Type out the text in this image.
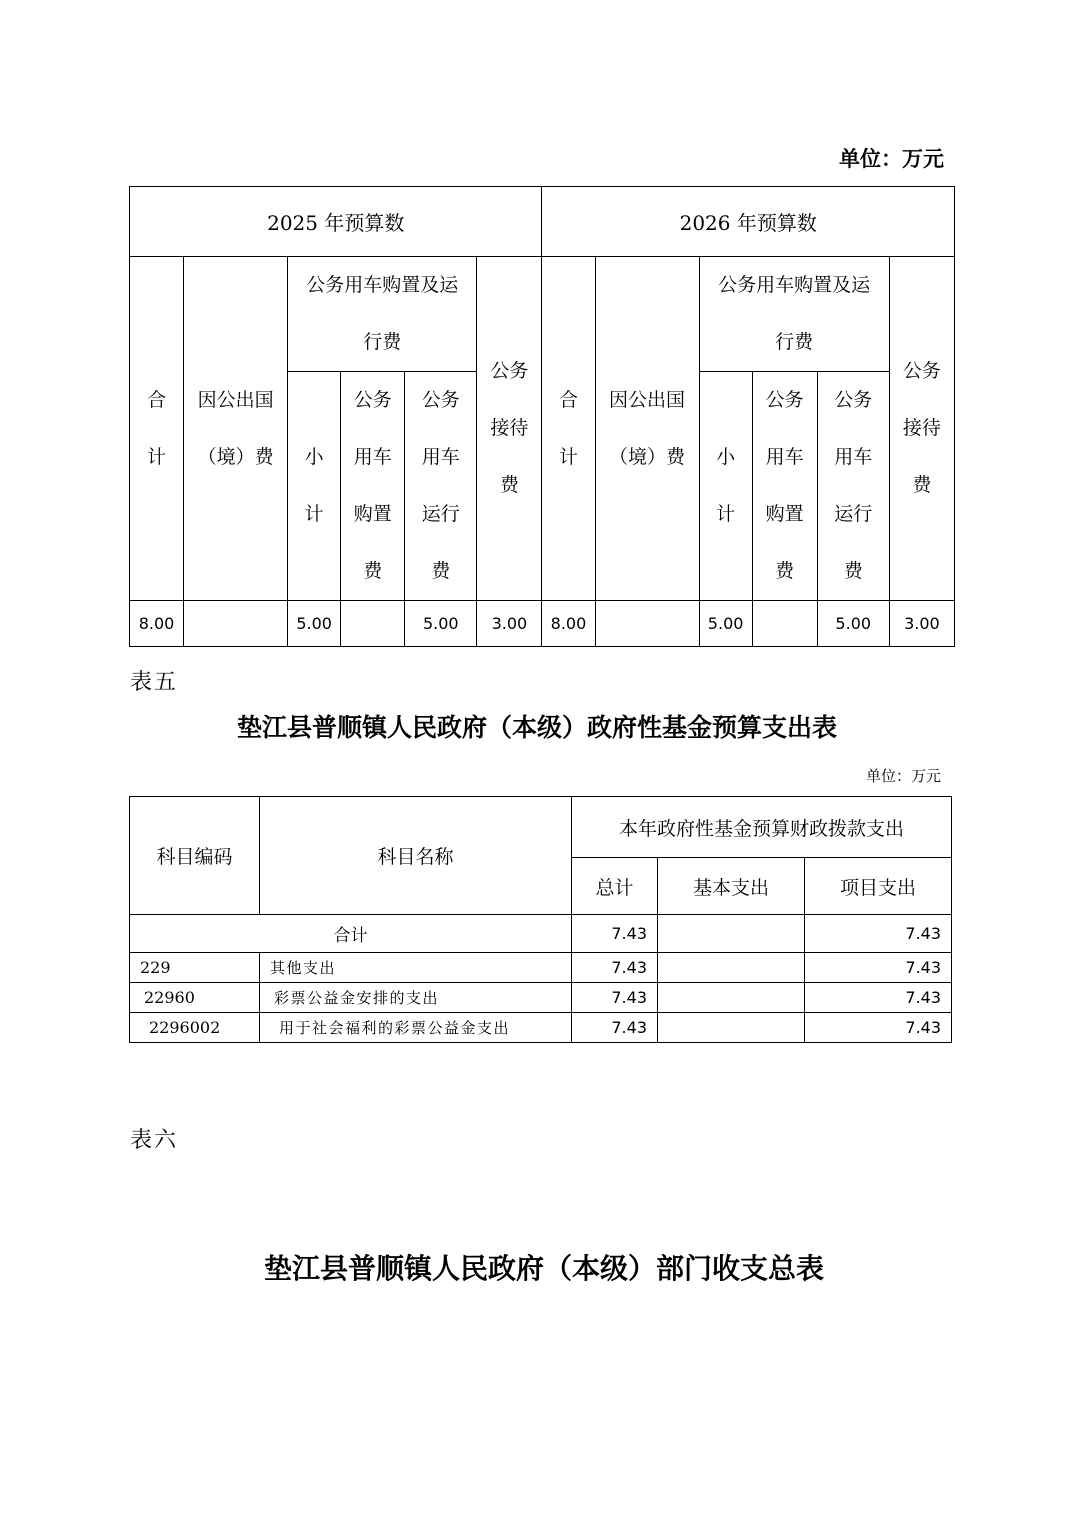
单位：万元
2025 年预算数						2026 年预算数					
合计	因公出国（境）费	公务用车购置及运行费			公务接待费	合计	因公出国（境）费	公务用车购置及运行费			公务接待费
		小计	公务用车购置费	公务用车运行费				小计	公务用车购置费	公务用车运行费	
8.00		5.00		5.00	3.00	8.00		5.00		5.00	3.00
表五
垫江县普顺镇人民政府（本级）政府性基金预算支出表
单位：万元
科目编码	科目名称	本年政府性基金预算财政拨款支出		
		总计	基本支出	项目支出
合计		7.43		7.43
229	其他支出	7.43		7.43
22960	彩票公益金安排的支出	7.43		7.43
2296002	用于社会福利的彩票公益金支出	7.43		7.43
表六
垫江县普顺镇人民政府（本级）部门收支总表
